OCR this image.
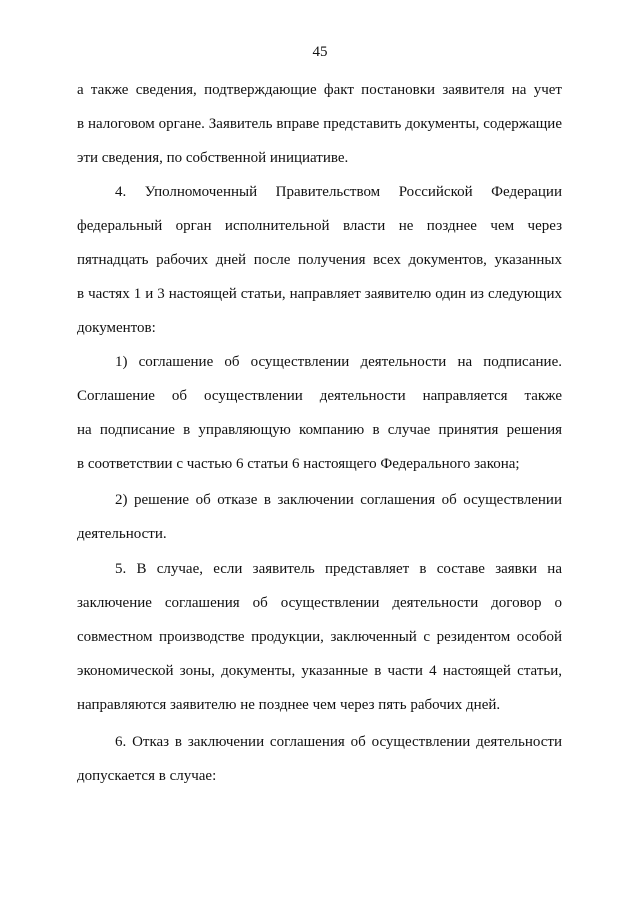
45
а также сведения, подтверждающие факт постановки заявителя на учет
в налоговом органе. Заявитель вправе представить документы, содержащие
эти сведения, по собственной инициативе.
4. Уполномоченный Правительством Российской Федерации
федеральный орган исполнительной власти не позднее чем через
пятнадцать рабочих дней после получения всех документов, указанных
в частях 1 и 3 настоящей статьи, направляет заявителю один из следующих
документов:
1) соглашение об осуществлении деятельности на подписание.
Соглашение об осуществлении деятельности направляется также
на подписание в управляющую компанию в случае принятия решения
в соответствии с частью 6 статьи 6 настоящего Федерального закона;
2) решение об отказе в заключении соглашения об осуществлении
деятельности.
5. В случае, если заявитель представляет в составе заявки на
заключение соглашения об осуществлении деятельности договор о
совместном производстве продукции, заключенный с резидентом особой
экономической зоны, документы, указанные в части 4 настоящей статьи,
направляются заявителю не позднее чем через пять рабочих дней.
6. Отказ в заключении соглашения об осуществлении деятельности
допускается в случае:
